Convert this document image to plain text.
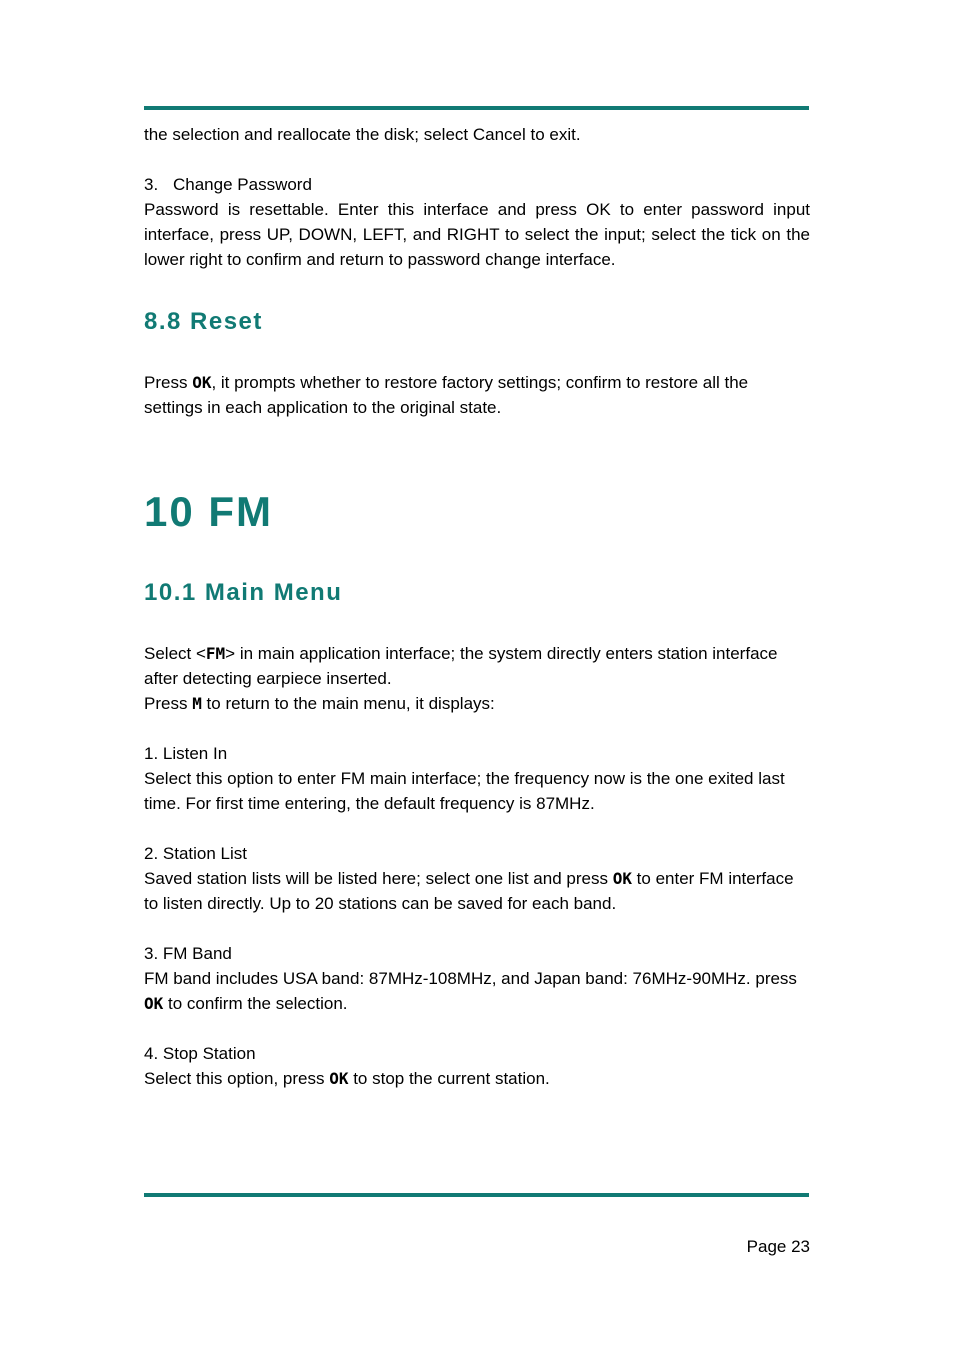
the selection and reallocate the disk; select Cancel to exit.

3. Change Password

Password is resettable. Enter this interface and press OK to enter password input interface, press UP, DOWN, LEFT, and RIGHT to select the input; select the tick on the lower right to confirm and return to password change interface.

8.8 Reset

Press OK, it prompts whether to restore factory settings; confirm to restore all the settings in each application to the original state.

10 FM
10.1 Main Menu

Select <FM> in main application interface; the system directly enters station interface after detecting earpiece inserted.

Press M to return to the main menu, it displays:

1. Listen In

Select this option to enter FM main interface; the frequency now is the one exited last time. For first time entering, the default frequency is 87MHz.

2. Station List

Saved station lists will be listed here; select one list and press OK to enter FM interface to listen directly. Up to 20 stations can be saved for each band.

3. FM Band

FM band includes USA band: 87MHz-108MHz, and Japan band: 76MHz-90MHz. press OK to confirm the selection.

4. Stop Station

Select this option, press OK to stop the current station.

Page 23
